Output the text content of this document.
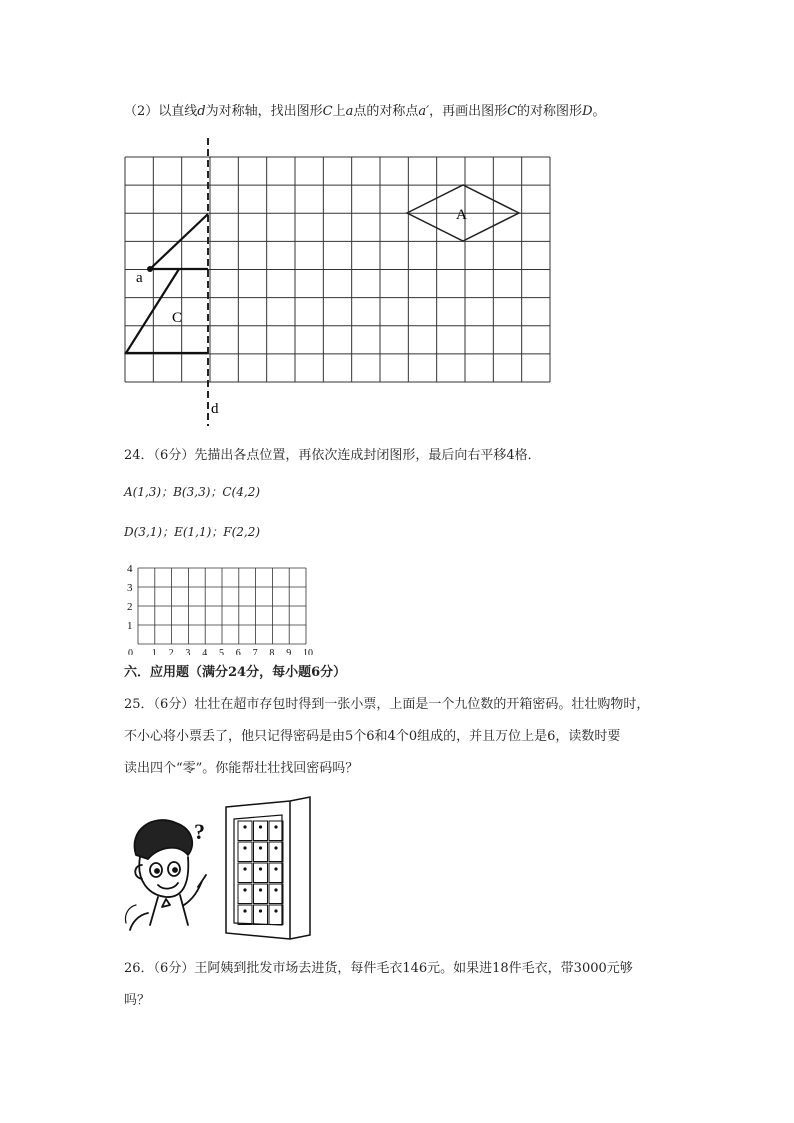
（2）以直线d为对称轴，找出图形C上a点的对称点a′，再画出图形C的对称图形D。
A
a
C
d
24．（6分）先描出各点位置，再依次连成封闭图形，最后向右平移4格．
A(1,3)；B(3,3)；C(4,2)
D(3,1)；E(1,1)；F(2,2)
0 1 2 3 4 5 6 7 8 9 10
1
2
3
4
六．应用题（满分24分，每小题6分）
25．（6分）壮壮在超市存包时得到一张小票，上面是一个九位数的开箱密码。壮壮购物时，
不小心将小票丢了，他只记得密码是由5个6和4个0组成的，并且万位上是6，读数时要
读出四个“零”。你能帮壮壮找回密码吗？
?
26．（6分）王阿姨到批发市场去进货，每件毛衣146元。如果进18件毛衣，带3000元够
吗？
